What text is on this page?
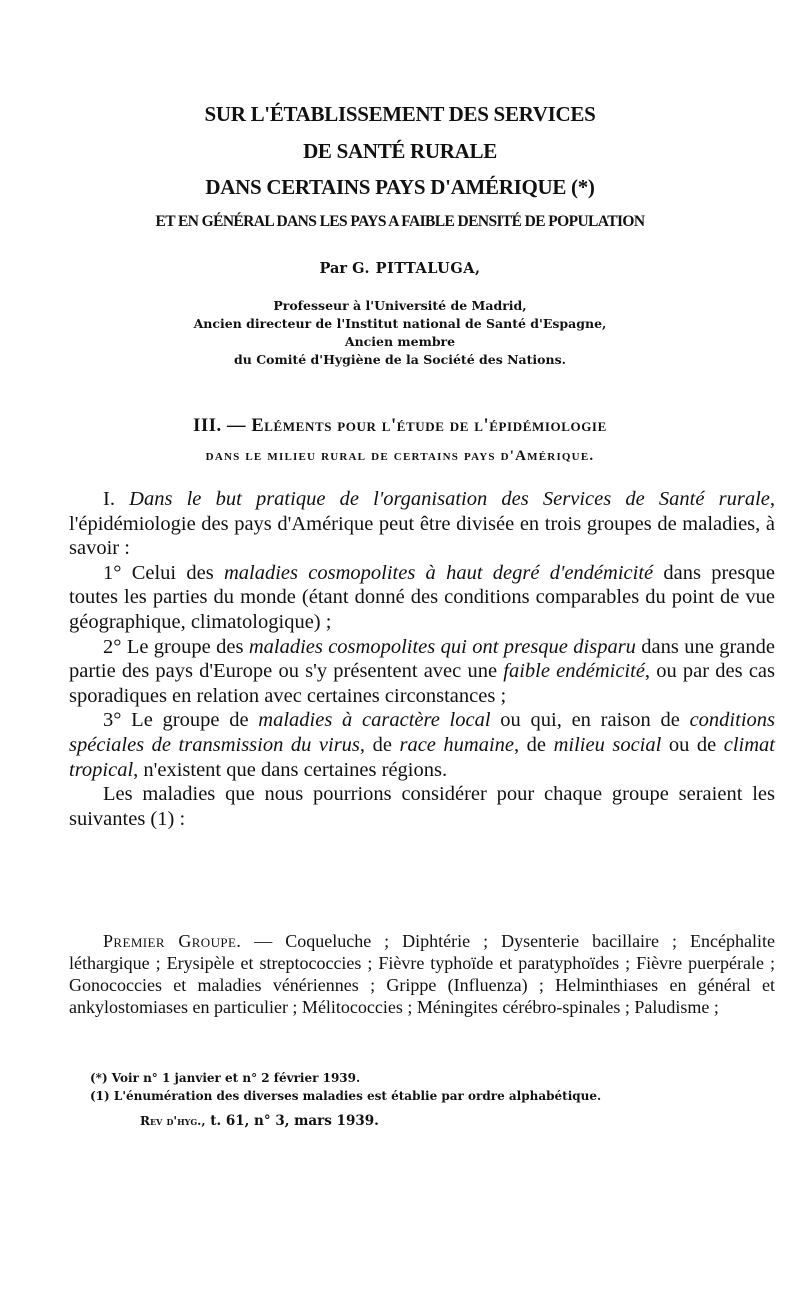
SUR L'ÉTABLISSEMENT DES SERVICES
DE SANTÉ RURALE
DANS CERTAINS PAYS D'AMÉRIQUE (*)
ET EN GÉNÉRAL DANS LES PAYS A FAIBLE DENSITÉ DE POPULATION
Par G. PITTALUGA,

Professeur à l'Université de Madrid,

Ancien directeur de l'Institut national de Santé d'Espagne,

Ancien membre

du Comité d'Hygiène de la Société des Nations.

III. — Eléments pour l'étude de l'épidémiologie
dans le milieu rural de certains pays d'Amérique.

I. Dans le but pratique de l'organisation des Services de Santé rurale, l'épidémiologie des pays d'Amérique peut être divisée en trois groupes de maladies, à savoir :

1° Celui des maladies cosmopolites à haut degré d'endémicité dans presque toutes les parties du monde (étant donné des conditions comparables du point de vue géographique, climatologique) ;

2° Le groupe des maladies cosmopolites qui ont presque disparu dans une grande partie des pays d'Europe ou s'y présentent avec une faible endémicité, ou par des cas sporadiques en relation avec certaines circonstances ;

3° Le groupe de maladies à caractère local ou qui, en raison de conditions spéciales de transmission du virus, de race humaine, de milieu social ou de climat tropical, n'existent que dans certaines régions.

Les maladies que nous pourrions considérer pour chaque groupe seraient les suivantes (1) :

Premier Groupe. — Coqueluche ; Diphtérie ; Dysenterie bacillaire ; Encéphalite léthargique ; Erysipèle et streptococcies ; Fièvre typhoïde et paratyphoïdes ; Fièvre puerpérale ; Gonococcies et maladies vénériennes ; Grippe (Influenza) ; Helminthiases en général et ankylostomiases en particulier ; Mélitococcies ; Méningites cérébro-spinales ; Paludisme ;

(*) Voir n° 1 janvier et n° 2 février 1939.

(1) L'énumération des diverses maladies est établie par ordre alphabétique.

Rev d'hyg., t. 61, n° 3, mars 1939.
